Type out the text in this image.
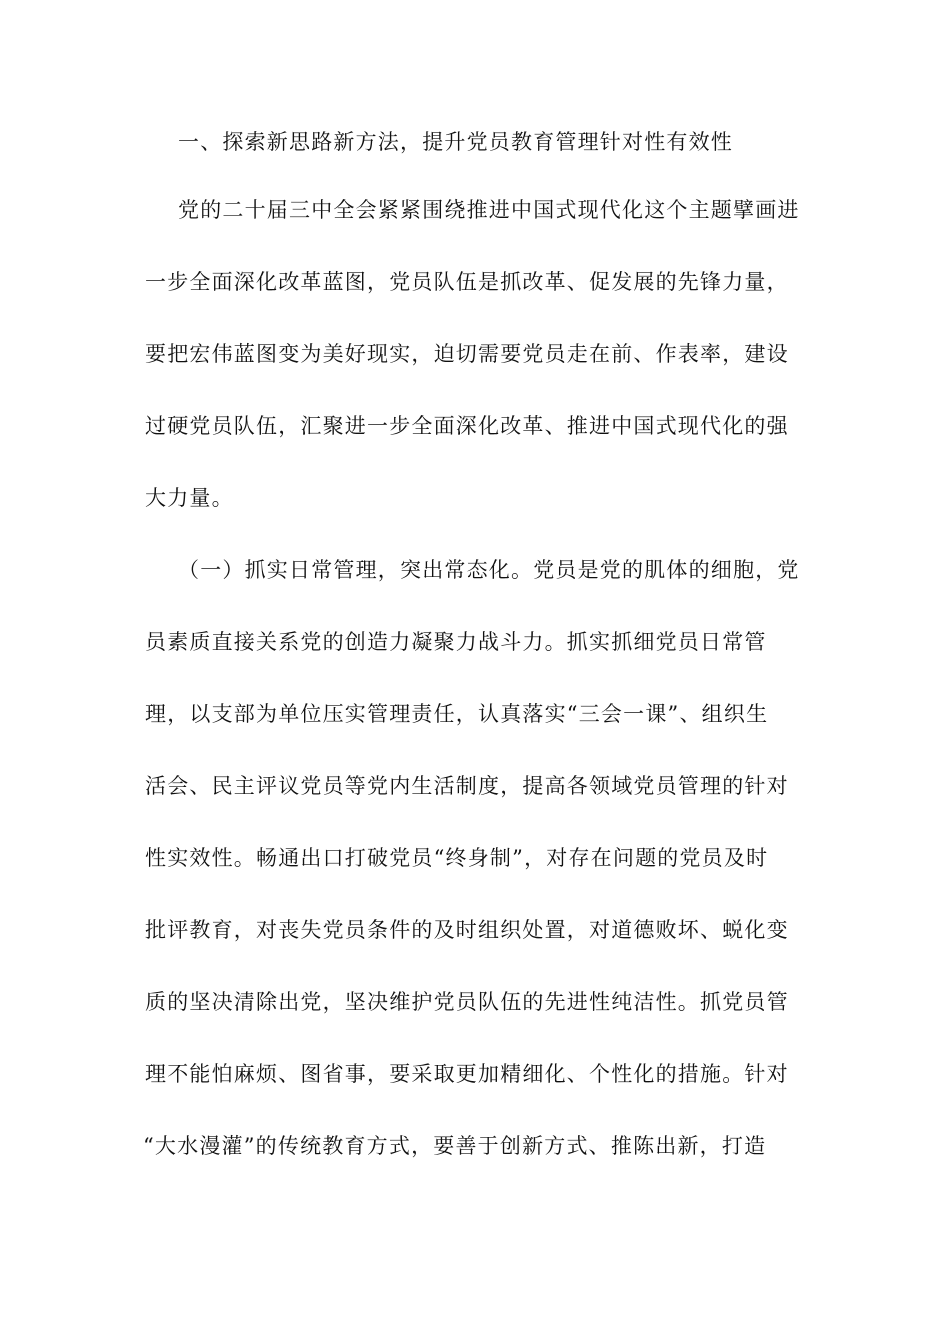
一、探索新思路新方法，提升党员教育管理针对性有效性
党的二十届三中全会紧紧围绕推进中国式现代化这个主题擘画进
一步全面深化改革蓝图，党员队伍是抓改革、促发展的先锋力量，
要把宏伟蓝图变为美好现实，迫切需要党员走在前、作表率，建设
过硬党员队伍，汇聚进一步全面深化改革、推进中国式现代化的强
大力量。
（一）抓实日常管理，突出常态化。党员是党的肌体的细胞，党
员素质直接关系党的创造力凝聚力战斗力。抓实抓细党员日常管
理，以支部为单位压实管理责任，认真落实“三会一课”、组织生
活会、民主评议党员等党内生活制度，提高各领域党员管理的针对
性实效性。畅通出口打破党员“终身制”，对存在问题的党员及时
批评教育，对丧失党员条件的及时组织处置，对道德败坏、蜕化变
质的坚决清除出党，坚决维护党员队伍的先进性纯洁性。抓党员管
理不能怕麻烦、图省事，要采取更加精细化、个性化的措施。针对
“大水漫灌”的传统教育方式，要善于创新方式、推陈出新，打造
